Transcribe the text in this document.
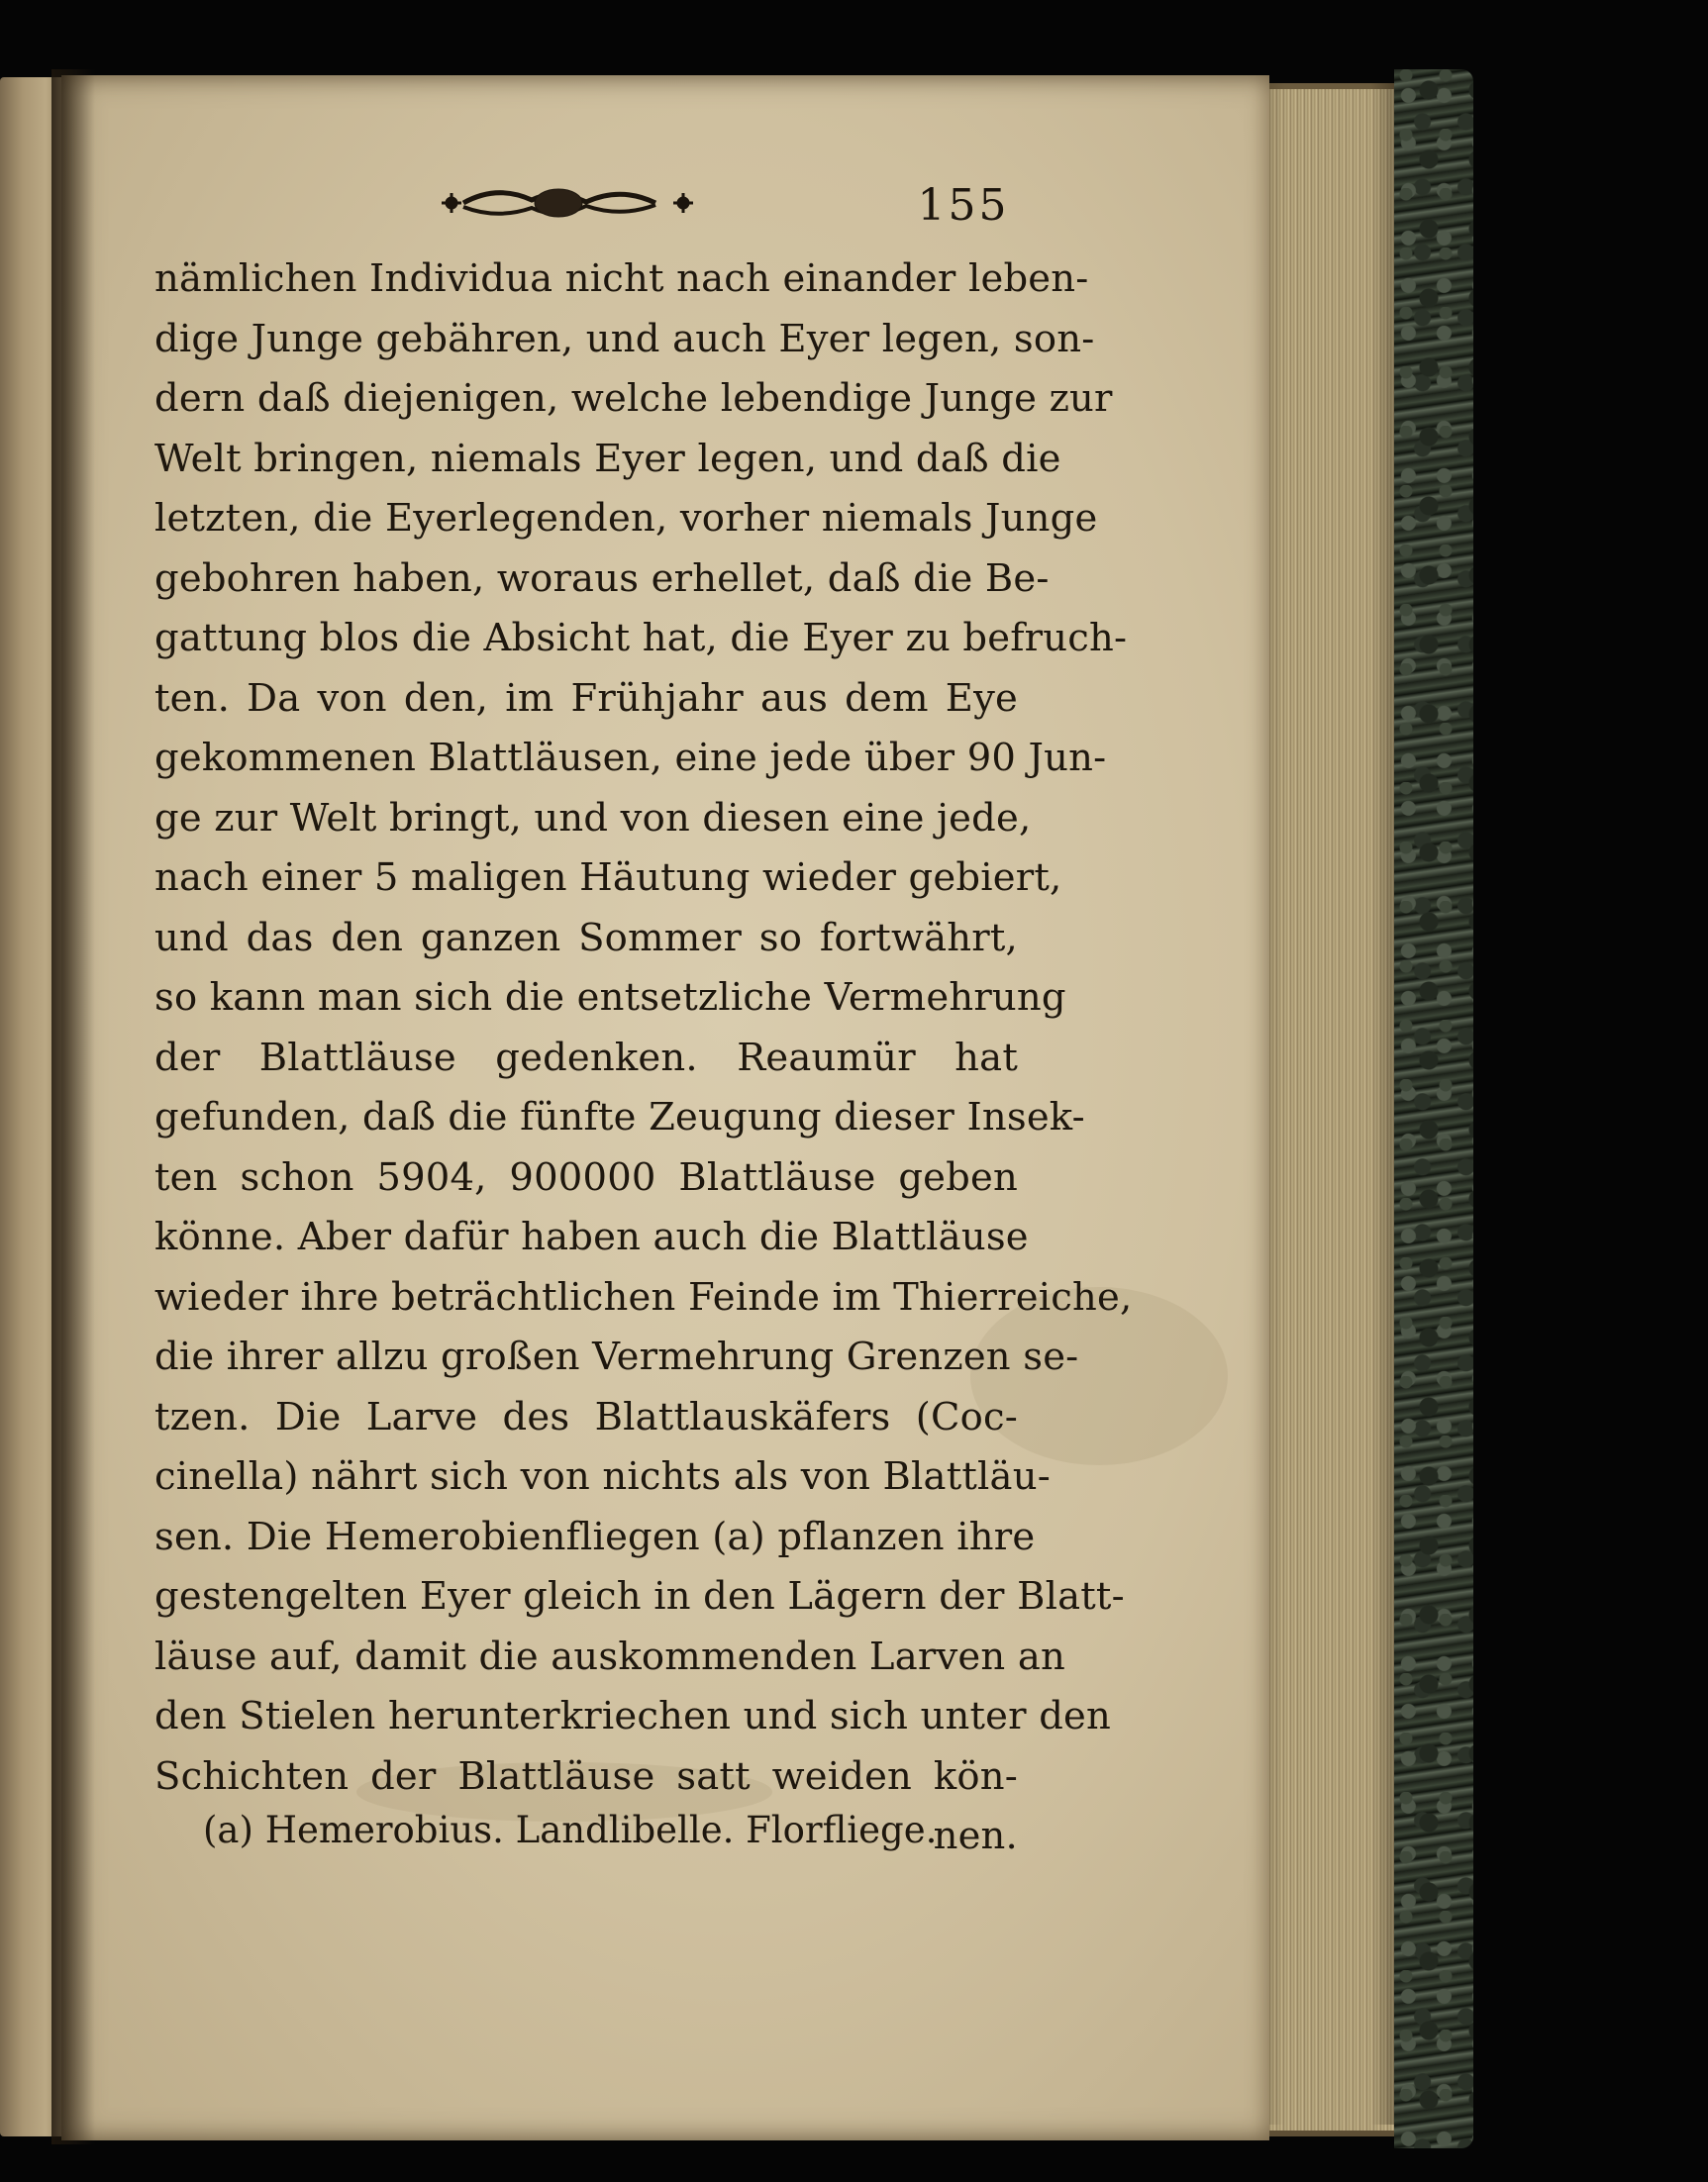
155
nämlichen Individua nicht nach einander leben-
dige Junge gebähren, und auch Eyer legen, son-
dern daß diejenigen, welche lebendige Junge zur
Welt bringen, niemals Eyer legen, und daß die
letzten, die Eyerlegenden, vorher niemals Junge
gebohren haben, woraus erhellet, daß die Be-
gattung blos die Absicht hat, die Eyer zu befruch-
ten. Da von den, im Frühjahr aus dem Eye
gekommenen Blattläusen, eine jede über 90 Jun-
ge zur Welt bringt, und von diesen eine jede,
nach einer 5 maligen Häutung wieder gebiert,
und das den ganzen Sommer so fortwährt,
so kann man sich die entsetzliche Vermehrung
der Blattläuse gedenken. Reaumür hat
gefunden, daß die fünfte Zeugung dieser Insek-
ten schon 5904, 900000 Blattläuse geben
könne. Aber dafür haben auch die Blattläuse
wieder ihre beträchtlichen Feinde im Thierreiche,
die ihrer allzu großen Vermehrung Grenzen se-
tzen. Die Larve des Blattlauskäfers (Coc-
cinella) nährt sich von nichts als von Blattläu-
sen. Die Hemerobienfliegen (a) pflanzen ihre
gestengelten Eyer gleich in den Lägern der Blatt-
läuse auf, damit die auskommenden Larven an
den Stielen herunterkriechen und sich unter den
Schichten der Blattläuse satt weiden kön-
nen.
(a) Hemerobius. Landlibelle. Florfliege.
